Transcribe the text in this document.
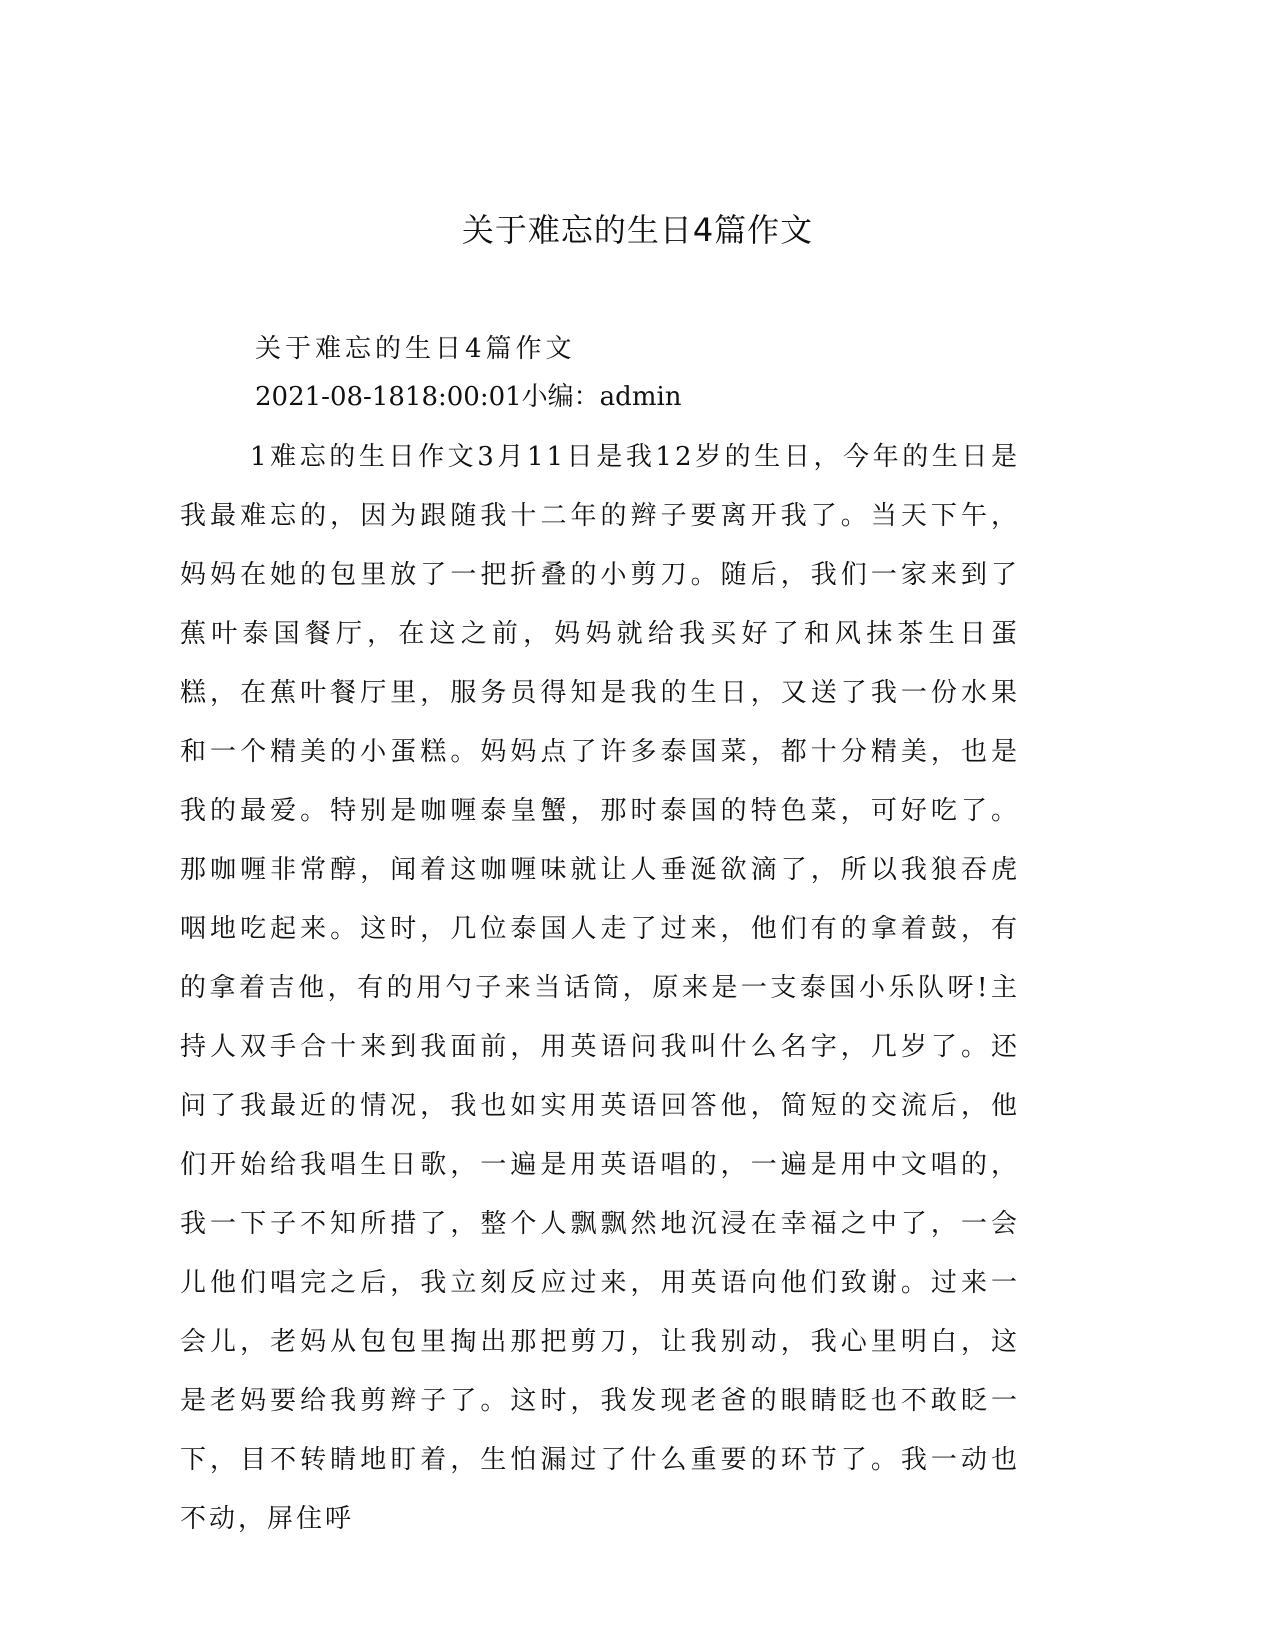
关于难忘的生日4篇作文

关于难忘的生日4篇作文

2021-08-1818:00:01小编：admin

1难忘的生日作文3月11日是我12岁的生日，今年的生日是我最难忘的，因为跟随我十二年的辫子要离开我了。当天下午，妈妈在她的包里放了一把折叠的小剪刀。随后，我们一家来到了蕉叶泰国餐厅，在这之前，妈妈就给我买好了和风抹茶生日蛋糕，在蕉叶餐厅里，服务员得知是我的生日，又送了我一份水果和一个精美的小蛋糕。妈妈点了许多泰国菜，都十分精美，也是我的最爱。特别是咖喱泰皇蟹，那时泰国的特色菜，可好吃了。那咖喱非常醇，闻着这咖喱味就让人垂涎欲滴了，所以我狼吞虎咽地吃起来。这时，几位泰国人走了过来，他们有的拿着鼓，有的拿着吉他，有的用勺子来当话筒，原来是一支泰国小乐队呀!主持人双手合十来到我面前，用英语问我叫什么名字，几岁了。还问了我最近的情况，我也如实用英语回答他，简短的交流后，他们开始给我唱生日歌，一遍是用英语唱的，一遍是用中文唱的，我一下子不知所措了，整个人飘飘然地沉浸在幸福之中了，一会儿他们唱完之后，我立刻反应过来，用英语向他们致谢。过来一会儿，老妈从包包里掏出那把剪刀，让我别动，我心里明白，这是老妈要给我剪辫子了。这时，我发现老爸的眼睛眨也不敢眨一下，目不转睛地盯着，生怕漏过了什么重要的环节了。我一动也不动，屏住呼
